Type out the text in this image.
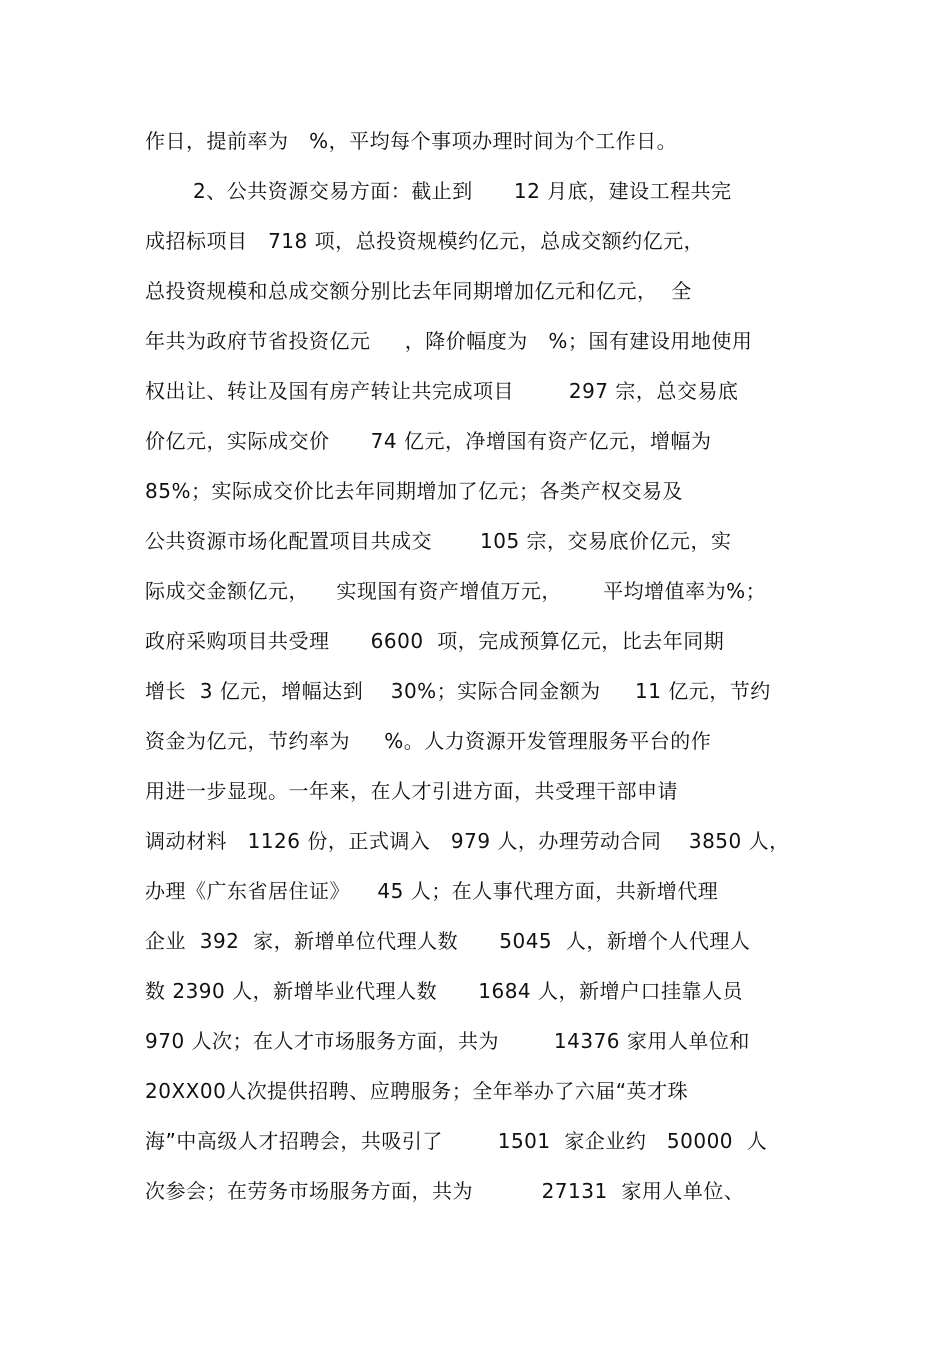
作日，提前率为   %，平均每个事项办理时间为个工作日。

2、公共资源交易方面：截止到      12 月底，建设工程共完

成招标项目   718 项，总投资规模约亿元，总成交额约亿元，

总投资规模和总成交额分别比去年同期增加亿元和亿元，  全

年共为政府节省投资亿元     ，降价幅度为   %；国有建设用地使用

权出让、转让及国有房产转让共完成项目        297 宗，总交易底

价亿元，实际成交价      74 亿元，净增国有资产亿元，增幅为

85%；实际成交价比去年同期增加了亿元；各类产权交易及

公共资源市场化配置项目共成交       105 宗，交易底价亿元，实

际成交金额亿元，    实现国有资产增值万元，      平均增值率为%；

政府采购项目共受理      6600  项，完成预算亿元，比去年同期

增长  3 亿元，增幅达到    30%；实际合同金额为     11 亿元，节约

资金为亿元，节约率为     %。人力资源开发管理服务平台的作

用进一步显现。一年来，在人才引进方面，共受理干部申请

调动材料   1126 份，正式调入   979 人，办理劳动合同    3850 人，

办理《广东省居住证》    45 人；在人事代理方面，共新增代理

企业  392  家，新增单位代理人数      5045  人，新增个人代理人

数 2390 人，新增毕业代理人数      1684 人，新增户口挂靠人员

970 人次；在人才市场服务方面，共为        14376 家用人单位和

20XX00人次提供招聘、应聘服务；全年举办了六届“英才珠

海”中高级人才招聘会，共吸引了        1501  家企业约   50000  人

次参会；在劳务市场服务方面，共为          27131  家用人单位、
